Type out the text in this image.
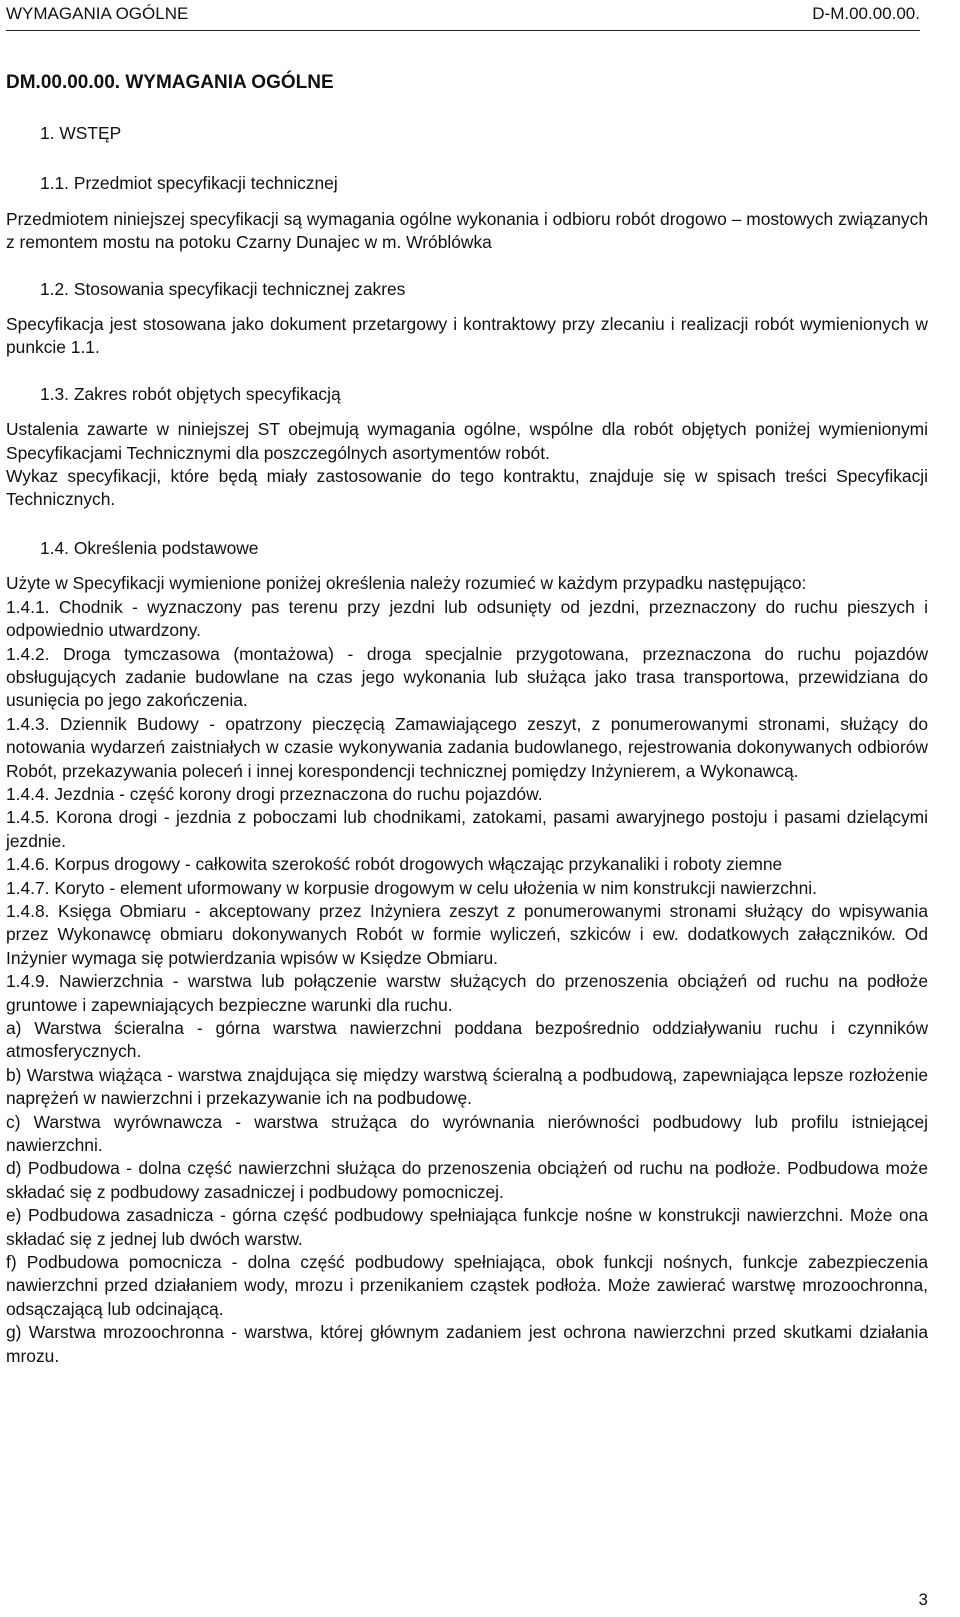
WYMAGANIA OGÓLNE	D-M.00.00.00.
DM.00.00.00. WYMAGANIA OGÓLNE
1. WSTĘP
1.1. Przedmiot specyfikacji technicznej

Przedmiotem niniejszej specyfikacji są wymagania ogólne wykonania i odbioru robót drogowo – mostowych związanych z remontem mostu na potoku Czarny Dunajec w m. Wróblówka

1.2. Stosowania specyfikacji technicznej zakres

Specyfikacja jest stosowana jako dokument przetargowy i kontraktowy przy zlecaniu i realizacji robót wymienionych w punkcie 1.1.

1.3. Zakres robót objętych specyfikacją

Ustalenia zawarte w niniejszej ST obejmują wymagania ogólne, wspólne dla robót objętych poniżej wymienionymi Specyfikacjami Technicznymi dla poszczególnych asortymentów robót.

Wykaz specyfikacji, które będą miały zastosowanie do tego kontraktu, znajduje się w spisach treści Specyfikacji Technicznych.

1.4. Określenia podstawowe

Użyte w Specyfikacji wymienione poniżej określenia należy rozumieć w każdym przypadku następująco:

1.4.1. Chodnik - wyznaczony pas terenu przy jezdni lub odsunięty od jezdni, przeznaczony do ruchu pieszych i odpowiednio utwardzony.

1.4.2. Droga tymczasowa (montażowa) - droga specjalnie przygotowana, przeznaczona do ruchu pojazdów obsługujących zadanie budowlane na czas jego wykonania lub służąca jako trasa transportowa, przewidziana do usunięcia po jego zakończenia.

1.4.3. Dziennik Budowy - opatrzony pieczęcią Zamawiającego zeszyt, z ponumerowanymi stronami, służący do notowania wydarzeń zaistniałych w czasie wykonywania zadania budowlanego, rejestrowania dokonywanych odbiorów Robót, przekazywania poleceń i innej korespondencji technicznej pomiędzy Inżynierem, a Wykonawcą.

1.4.4. Jezdnia - część korony drogi przeznaczona do ruchu pojazdów.

1.4.5. Korona drogi - jezdnia z poboczami lub chodnikami, zatokami, pasami awaryjnego postoju i pasami dzielącymi jezdnie.

1.4.6. Korpus drogowy - całkowita szerokość robót drogowych włączając przykanaliki i roboty ziemne

1.4.7. Koryto - element uformowany w korpusie drogowym w celu ułożenia w nim konstrukcji nawierzchni.

1.4.8. Księga Obmiaru - akceptowany przez Inżyniera zeszyt z ponumerowanymi stronami służący do wpisywania przez Wykonawcę obmiaru dokonywanych Robót w formie wyliczeń, szkiców i ew. dodatkowych załączników. Od Inżynier wymaga się potwierdzania wpisów w Księdze Obmiaru.

1.4.9. Nawierzchnia - warstwa lub połączenie warstw służących do przenoszenia obciążeń od ruchu na podłoże gruntowe i zapewniających bezpieczne warunki dla ruchu.

a) Warstwa ścieralna - górna warstwa nawierzchni poddana bezpośrednio oddziaływaniu ruchu i czynników atmosferycznych.

b) Warstwa wiążąca - warstwa znajdująca się między warstwą ścieralną a podbudową, zapewniająca lepsze rozłożenie naprężeń w nawierzchni i przekazywanie ich na podbudowę.

c) Warstwa wyrównawcza - warstwa strużąca do wyrównania nierówności podbudowy lub profilu istniejącej nawierzchni.

d) Podbudowa - dolna część nawierzchni służąca do przenoszenia obciążeń od ruchu na podłoże. Podbudowa może składać się z podbudowy zasadniczej i podbudowy pomocniczej.

e) Podbudowa zasadnicza - górna część podbudowy spełniająca funkcje nośne w konstrukcji nawierzchni. Może ona składać się z jednej lub dwóch warstw.

f) Podbudowa pomocnicza - dolna część podbudowy spełniająca, obok funkcji nośnych, funkcje zabezpieczenia nawierzchni przed działaniem wody, mrozu i przenikaniem cząstek podłoża. Może zawierać warstwę mrozoochronna, odsączającą lub odcinającą.

g) Warstwa mrozoochronna - warstwa, której głównym zadaniem jest ochrona nawierzchni przed skutkami działania mrozu.

3
